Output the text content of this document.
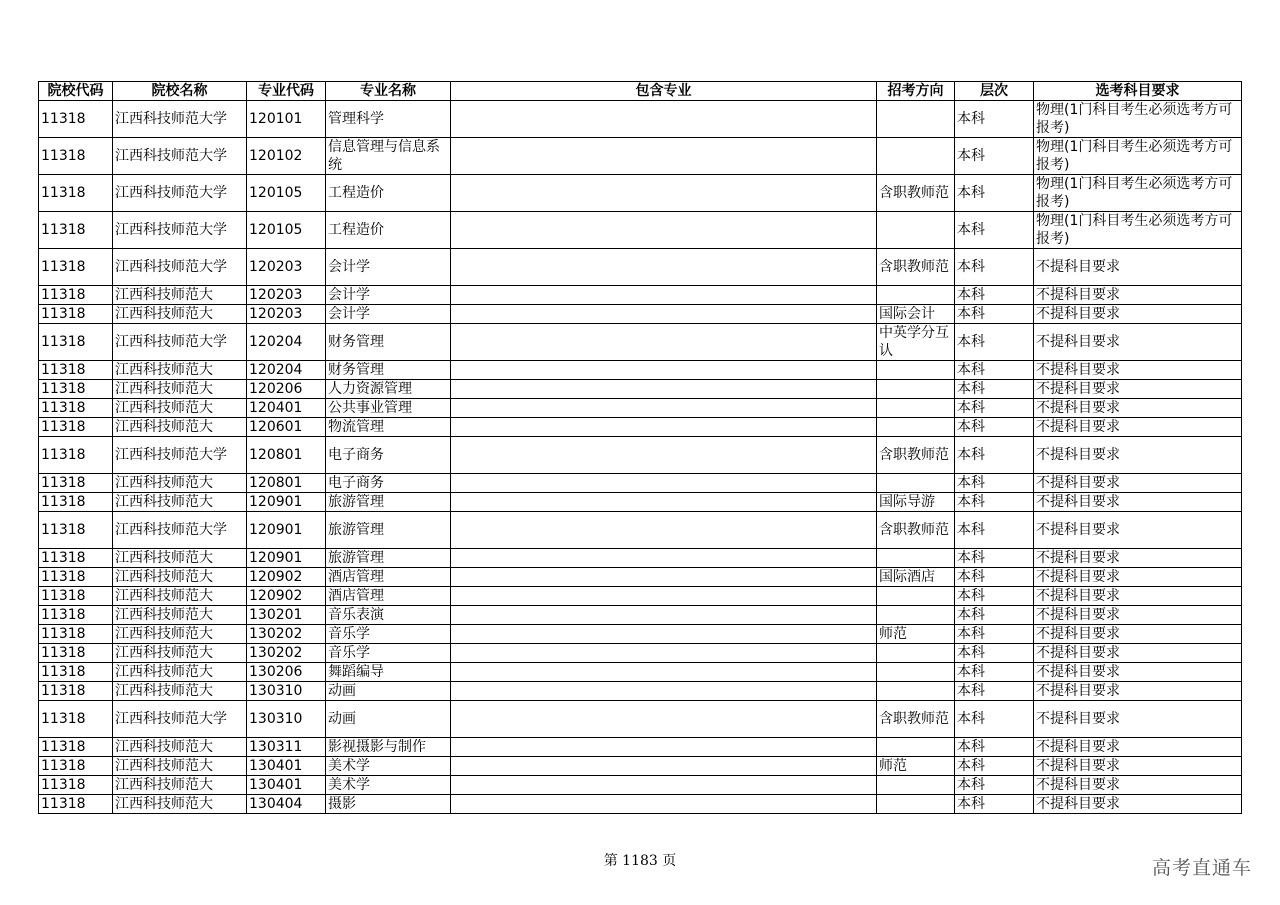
院校代码	院校名称	专业代码	专业名称	包含专业	招考方向	层次	选考科目要求
11318	江西科技师范大学	120101	管理科学			本科	物理(1门科目考生必须选考方可报考)
11318	江西科技师范大学	120102	信息管理与信息系统			本科	物理(1门科目考生必须选考方可报考)
11318	江西科技师范大学	120105	工程造价		含职教师范	本科	物理(1门科目考生必须选考方可报考)
11318	江西科技师范大学	120105	工程造价			本科	物理(1门科目考生必须选考方可报考)
11318	江西科技师范大学	120203	会计学		含职教师范	本科	不提科目要求
11318	江西科技师范大	120203	会计学			本科	不提科目要求
11318	江西科技师范大	120203	会计学		国际会计	本科	不提科目要求
11318	江西科技师范大学	120204	财务管理		中英学分互认	本科	不提科目要求
11318	江西科技师范大	120204	财务管理			本科	不提科目要求
11318	江西科技师范大	120206	人力资源管理			本科	不提科目要求
11318	江西科技师范大	120401	公共事业管理			本科	不提科目要求
11318	江西科技师范大	120601	物流管理			本科	不提科目要求
11318	江西科技师范大学	120801	电子商务		含职教师范	本科	不提科目要求
11318	江西科技师范大	120801	电子商务			本科	不提科目要求
11318	江西科技师范大	120901	旅游管理		国际导游	本科	不提科目要求
11318	江西科技师范大学	120901	旅游管理		含职教师范	本科	不提科目要求
11318	江西科技师范大	120901	旅游管理			本科	不提科目要求
11318	江西科技师范大	120902	酒店管理		国际酒店	本科	不提科目要求
11318	江西科技师范大	120902	酒店管理			本科	不提科目要求
11318	江西科技师范大	130201	音乐表演			本科	不提科目要求
11318	江西科技师范大	130202	音乐学		师范	本科	不提科目要求
11318	江西科技师范大	130202	音乐学			本科	不提科目要求
11318	江西科技师范大	130206	舞蹈编导			本科	不提科目要求
11318	江西科技师范大	130310	动画			本科	不提科目要求
11318	江西科技师范大学	130310	动画		含职教师范	本科	不提科目要求
11318	江西科技师范大	130311	影视摄影与制作			本科	不提科目要求
11318	江西科技师范大	130401	美术学		师范	本科	不提科目要求
11318	江西科技师范大	130401	美术学			本科	不提科目要求
11318	江西科技师范大	130404	摄影			本科	不提科目要求
第 1183 页	高考直通车
